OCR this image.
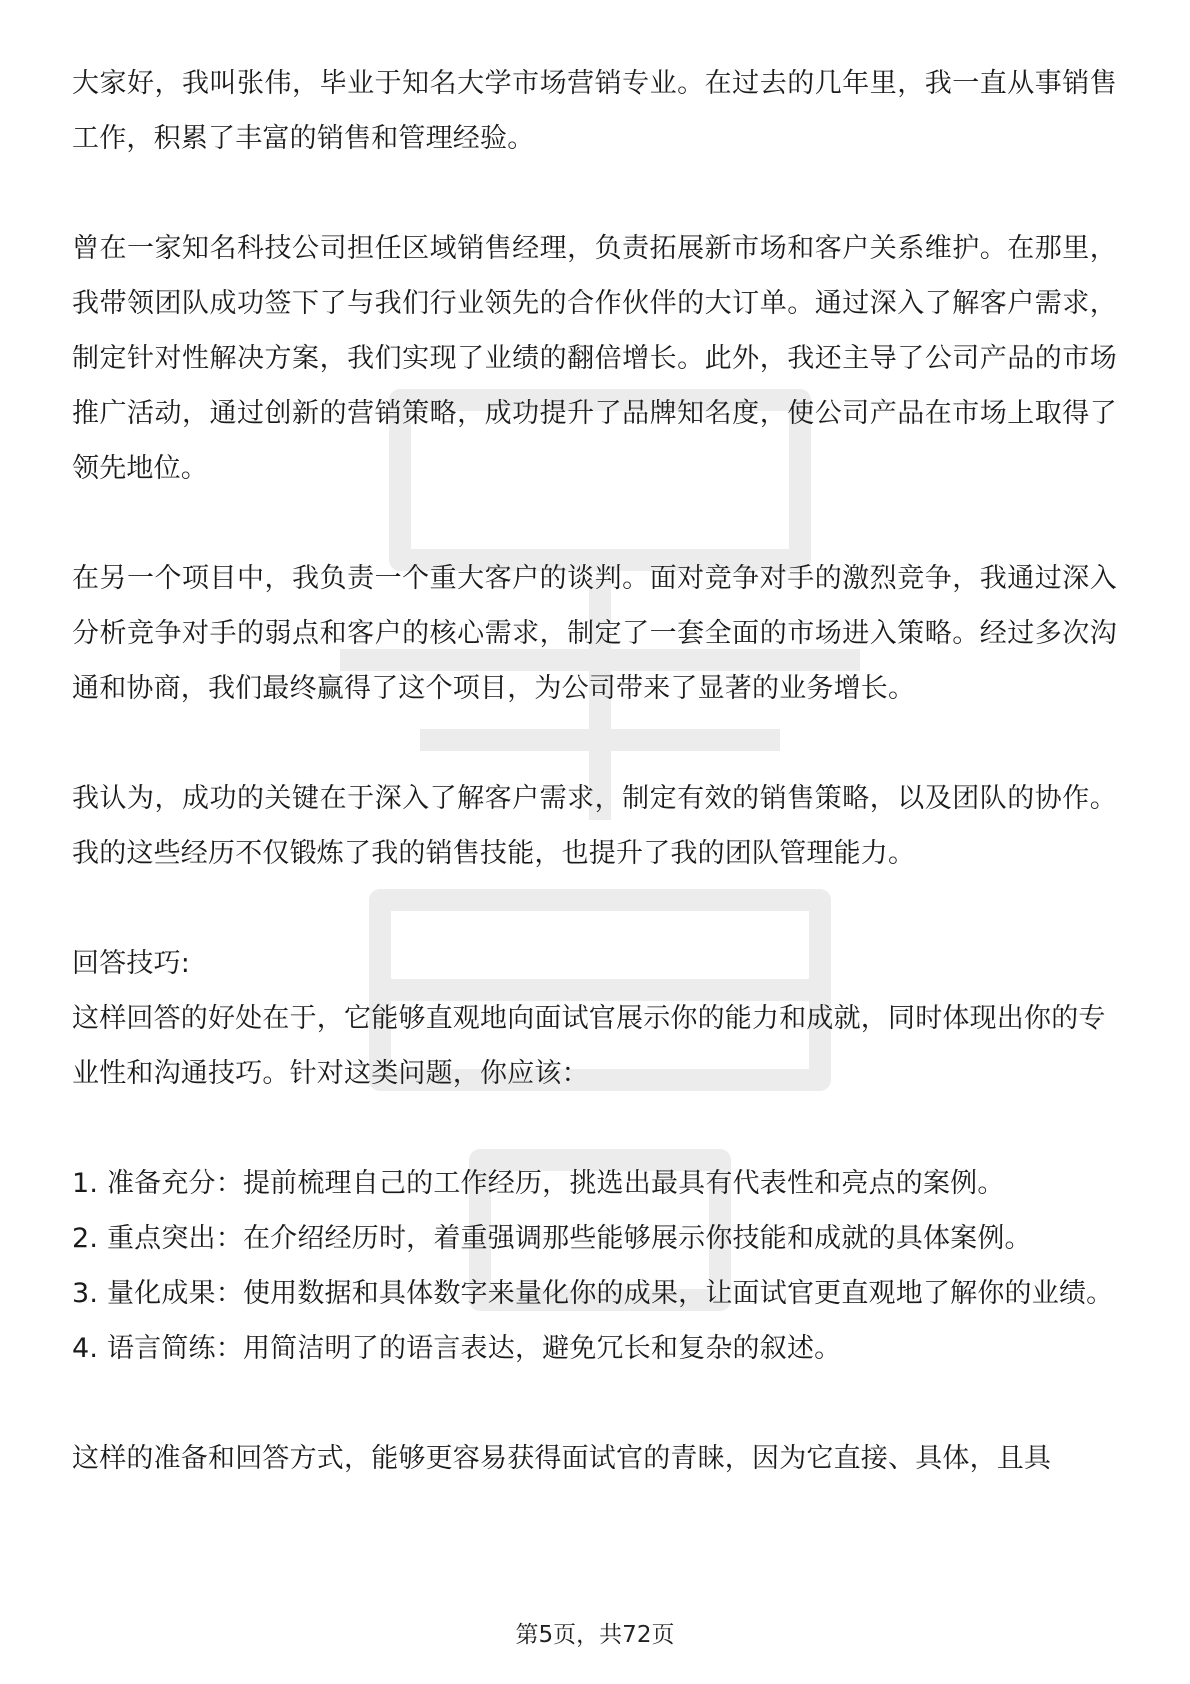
大家好，我叫张伟，毕业于知名大学市场营销专业。在过去的几年里，我一直从事销售工作，积累了丰富的销售和管理经验。

曾在一家知名科技公司担任区域销售经理，负责拓展新市场和客户关系维护。在那里，我带领团队成功签下了与我们行业领先的合作伙伴的大订单。通过深入了解客户需求，制定针对性解决方案，我们实现了业绩的翻倍增长。此外，我还主导了公司产品的市场推广活动，通过创新的营销策略，成功提升了品牌知名度，使公司产品在市场上取得了领先地位。

在另一个项目中，我负责一个重大客户的谈判。面对竞争对手的激烈竞争，我通过深入分析竞争对手的弱点和客户的核心需求，制定了一套全面的市场进入策略。经过多次沟通和协商，我们最终赢得了这个项目，为公司带来了显著的业务增长。

我认为，成功的关键在于深入了解客户需求，制定有效的销售策略，以及团队的协作。我的这些经历不仅锻炼了我的销售技能，也提升了我的团队管理能力。

回答技巧:

这样回答的好处在于，它能够直观地向面试官展示你的能力和成就，同时体现出你的专业性和沟通技巧。针对这类问题，你应该：

1. 准备充分：提前梳理自己的工作经历，挑选出最具有代表性和亮点的案例。
2. 重点突出：在介绍经历时，着重强调那些能够展示你技能和成就的具体案例。
3. 量化成果：使用数据和具体数字来量化你的成果，让面试官更直观地了解你的业绩。
4. 语言简练：用简洁明了的语言表达，避免冗长和复杂的叙述。

这样的准备和回答方式，能够更容易获得面试官的青睐，因为它直接、具体，且具

第5页，共72页
